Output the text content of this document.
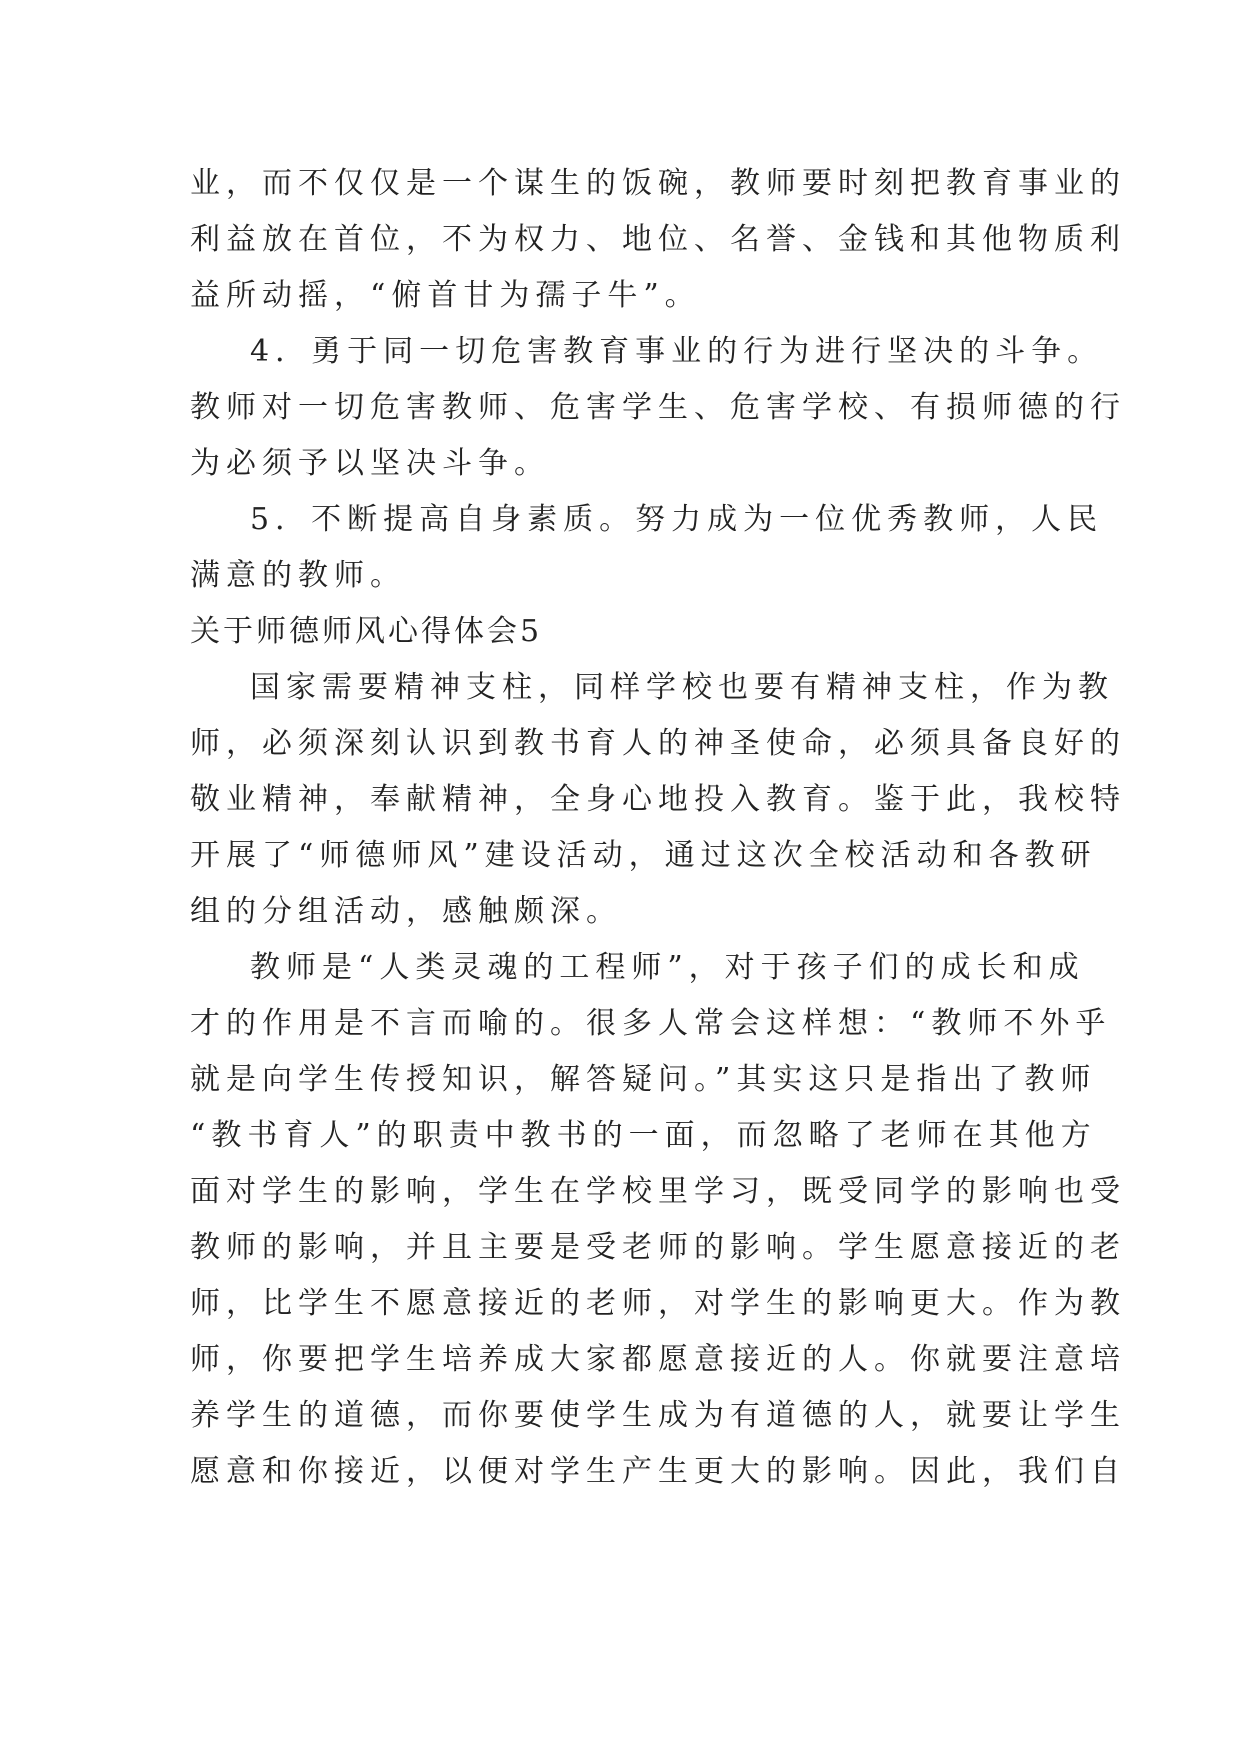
业，而不仅仅是一个谋生的饭碗，教师要时刻把教育事业的

利益放在首位，不为权力、地位、名誉、金钱和其他物质利

益所动摇，“俯首甘为孺子牛”。

4．勇于同一切危害教育事业的行为进行坚决的斗争。

教师对一切危害教师、危害学生、危害学校、有损师德的行

为必须予以坚决斗争。

5．不断提高自身素质。努力成为一位优秀教师，人民

满意的教师。

关于师德师风心得体会5

国家需要精神支柱，同样学校也要有精神支柱，作为教

师，必须深刻认识到教书育人的神圣使命，必须具备良好的

敬业精神，奉献精神，全身心地投入教育。鉴于此，我校特

开展了“师德师风”建设活动，通过这次全校活动和各教研

组的分组活动，感触颇深。

教师是“人类灵魂的工程师”，对于孩子们的成长和成

才的作用是不言而喻的。很多人常会这样想：“教师不外乎

就是向学生传授知识，解答疑问。”其实这只是指出了教师

“教书育人”的职责中教书的一面，而忽略了老师在其他方

面对学生的影响，学生在学校里学习，既受同学的影响也受

教师的影响，并且主要是受老师的影响。学生愿意接近的老

师，比学生不愿意接近的老师，对学生的影响更大。作为教

师，你要把学生培养成大家都愿意接近的人。你就要注意培

养学生的道德，而你要使学生成为有道德的人，就要让学生

愿意和你接近，以便对学生产生更大的影响。因此，我们自
